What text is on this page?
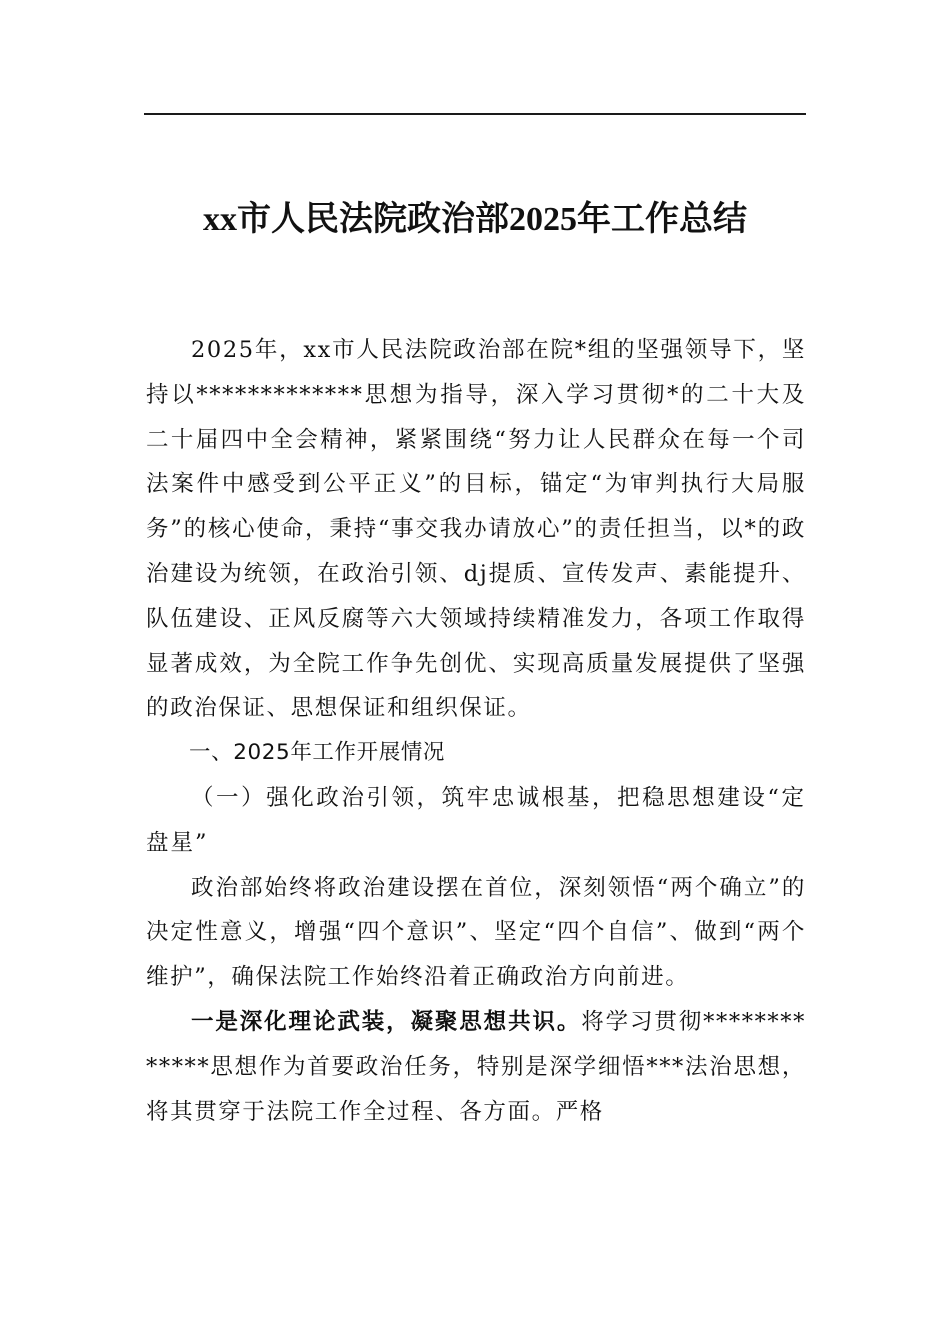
xx市人民法院政治部2025年工作总结

2025年，xx市人民法院政治部在院*组的坚强领导下，坚持以*************思想为指导，深入学习贯彻*的二十大及二十届四中全会精神，紧紧围绕“努力让人民群众在每一个司法案件中感受到公平正义”的目标，锚定“为审判执行大局服务”的核心使命，秉持“事交我办请放心”的责任担当，以*的政治建设为统领，在政治引领、dj提质、宣传发声、素能提升、队伍建设、正风反腐等六大领域持续精准发力，各项工作取得显著成效，为全院工作争先创优、实现高质量发展提供了坚强的政治保证、思想保证和组织保证。

一、2025年工作开展情况

（一）强化政治引领，筑牢忠诚根基，把稳思想建设“定盘星”

政治部始终将政治建设摆在首位，深刻领悟“两个确立”的决定性意义，增强“四个意识”、坚定“四个自信”、做到“两个维护”，确保法院工作始终沿着正确政治方向前进。

一是深化理论武装，凝聚思想共识。将学习贯彻*************思想作为首要政治任务，特别是深学细悟***法治思想，将其贯穿于法院工作全过程、各方面。严格
